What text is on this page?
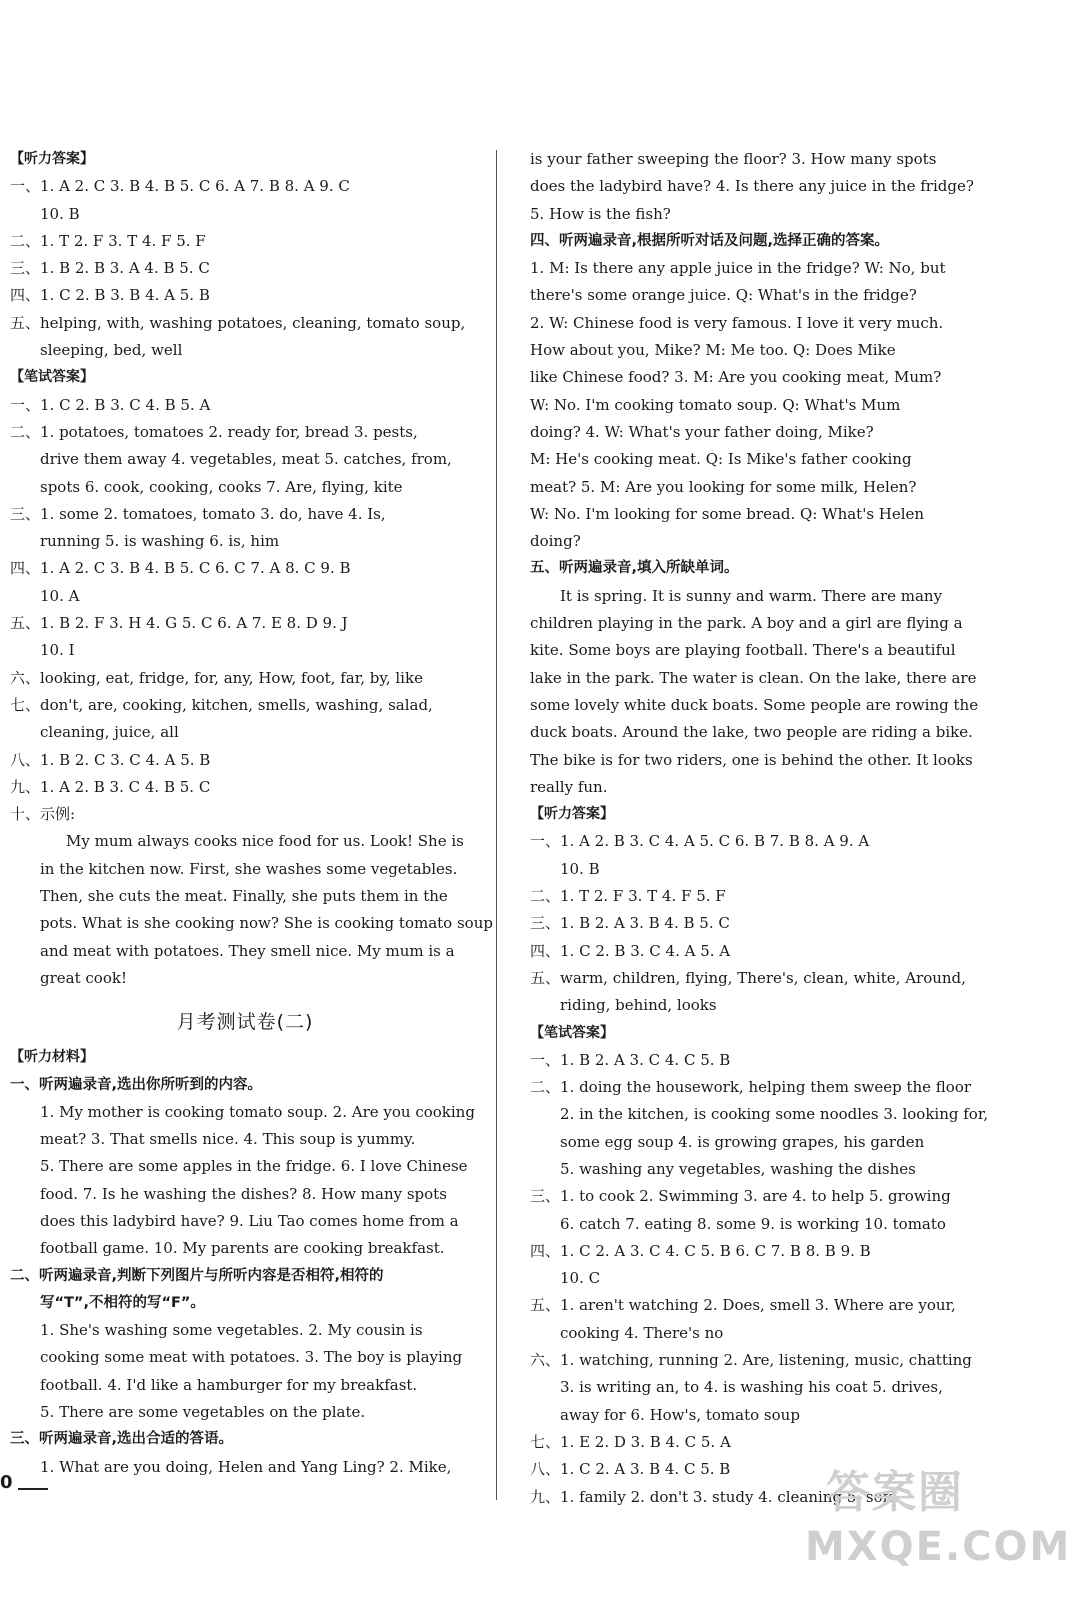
【听力答案】
一、1. A 2. C 3. B 4. B 5. C 6. A 7. B 8. A 9. C
10. B
二、1. T 2. F 3. T 4. F 5. F
三、1. B 2. B 3. A 4. B 5. C
四、1. C 2. B 3. B 4. A 5. B
五、helping, with, washing potatoes, cleaning, tomato soup,
sleeping, bed, well
【笔试答案】
一、1. C 2. B 3. C 4. B 5. A
二、1. potatoes, tomatoes 2. ready for, bread 3. pests,
drive them away 4. vegetables, meat 5. catches, from,
spots 6. cook, cooking, cooks 7. Are, flying, kite
三、1. some 2. tomatoes, tomato 3. do, have 4. Is,
running 5. is washing 6. is, him
四、1. A 2. C 3. B 4. B 5. C 6. C 7. A 8. C 9. B
10. A
五、1. B 2. F 3. H 4. G 5. C 6. A 7. E 8. D 9. J
10. I
六、looking, eat, fridge, for, any, How, foot, far, by, like
七、don't, are, cooking, kitchen, smells, washing, salad,
cleaning, juice, all
八、1. B 2. C 3. C 4. A 5. B
九、1. A 2. B 3. C 4. B 5. C
十、示例:
My mum always cooks nice food for us. Look! She is
in the kitchen now. First, she washes some vegetables.
Then, she cuts the meat. Finally, she puts them in the
pots. What is she cooking now? She is cooking tomato soup
and meat with potatoes. They smell nice. My mum is a
great cook!
月考测试卷(二)
【听力材料】
一、听两遍录音,选出你所听到的内容。
1. My mother is cooking tomato soup. 2. Are you cooking
meat? 3. That smells nice. 4. This soup is yummy.
5. There are some apples in the fridge. 6. I love Chinese
food. 7. Is he washing the dishes? 8. How many spots
does this ladybird have? 9. Liu Tao comes home from a
football game. 10. My parents are cooking breakfast.
二、听两遍录音,判断下列图片与所听内容是否相符,相符的
写“T”,不相符的写“F”。
1. She's washing some vegetables. 2. My cousin is
cooking some meat with potatoes. 3. The boy is playing
football. 4. I'd like a hamburger for my breakfast.
5. There are some vegetables on the plate.
三、听两遍录音,选出合适的答语。
1. What are you doing, Helen and Yang Ling? 2. Mike,
is your father sweeping the floor? 3. How many spots
does the ladybird have? 4. Is there any juice in the fridge?
5. How is the fish?
四、听两遍录音,根据所听对话及问题,选择正确的答案。
1. M: Is there any apple juice in the fridge? W: No, but
there's some orange juice. Q: What's in the fridge?
2. W: Chinese food is very famous. I love it very much.
How about you, Mike? M: Me too. Q: Does Mike
like Chinese food? 3. M: Are you cooking meat, Mum?
W: No. I'm cooking tomato soup. Q: What's Mum
doing? 4. W: What's your father doing, Mike?
M: He's cooking meat. Q: Is Mike's father cooking
meat? 5. M: Are you looking for some milk, Helen?
W: No. I'm looking for some bread. Q: What's Helen
doing?
五、听两遍录音,填入所缺单词。
It is spring. It is sunny and warm. There are many
children playing in the park. A boy and a girl are flying a
kite. Some boys are playing football. There's a beautiful
lake in the park. The water is clean. On the lake, there are
some lovely white duck boats. Some people are rowing the
duck boats. Around the lake, two people are riding a bike.
The bike is for two riders, one is behind the other. It looks
really fun.
【听力答案】
一、1. A 2. B 3. C 4. A 5. C 6. B 7. B 8. A 9. A
10. B
二、1. T 2. F 3. T 4. F 5. F
三、1. B 2. A 3. B 4. B 5. C
四、1. C 2. B 3. C 4. A 5. A
五、warm, children, flying, There's, clean, white, Around,
riding, behind, looks
【笔试答案】
一、1. B 2. A 3. C 4. C 5. B
二、1. doing the housework, helping them sweep the floor
2. in the kitchen, is cooking some noodles 3. looking for,
some egg soup 4. is growing grapes, his garden
5. washing any vegetables, washing the dishes
三、1. to cook 2. Swimming 3. are 4. to help 5. growing
6. catch 7. eating 8. some 9. is working 10. tomato
四、1. C 2. A 3. C 4. C 5. B 6. C 7. B 8. B 9. B
10. C
五、1. aren't watching 2. Does, smell 3. Where are your,
cooking 4. There's no
六、1. watching, running 2. Are, listening, music, chatting
3. is writing an, to 4. is washing his coat 5. drives,
away for 6. How's, tomato soup
七、1. E 2. D 3. B 4. C 5. A
八、1. C 2. A 3. B 4. C 5. B
九、1. family 2. don't 3. study 4. cleaning 5. sofa
0	答案圈
MXQE.COM
